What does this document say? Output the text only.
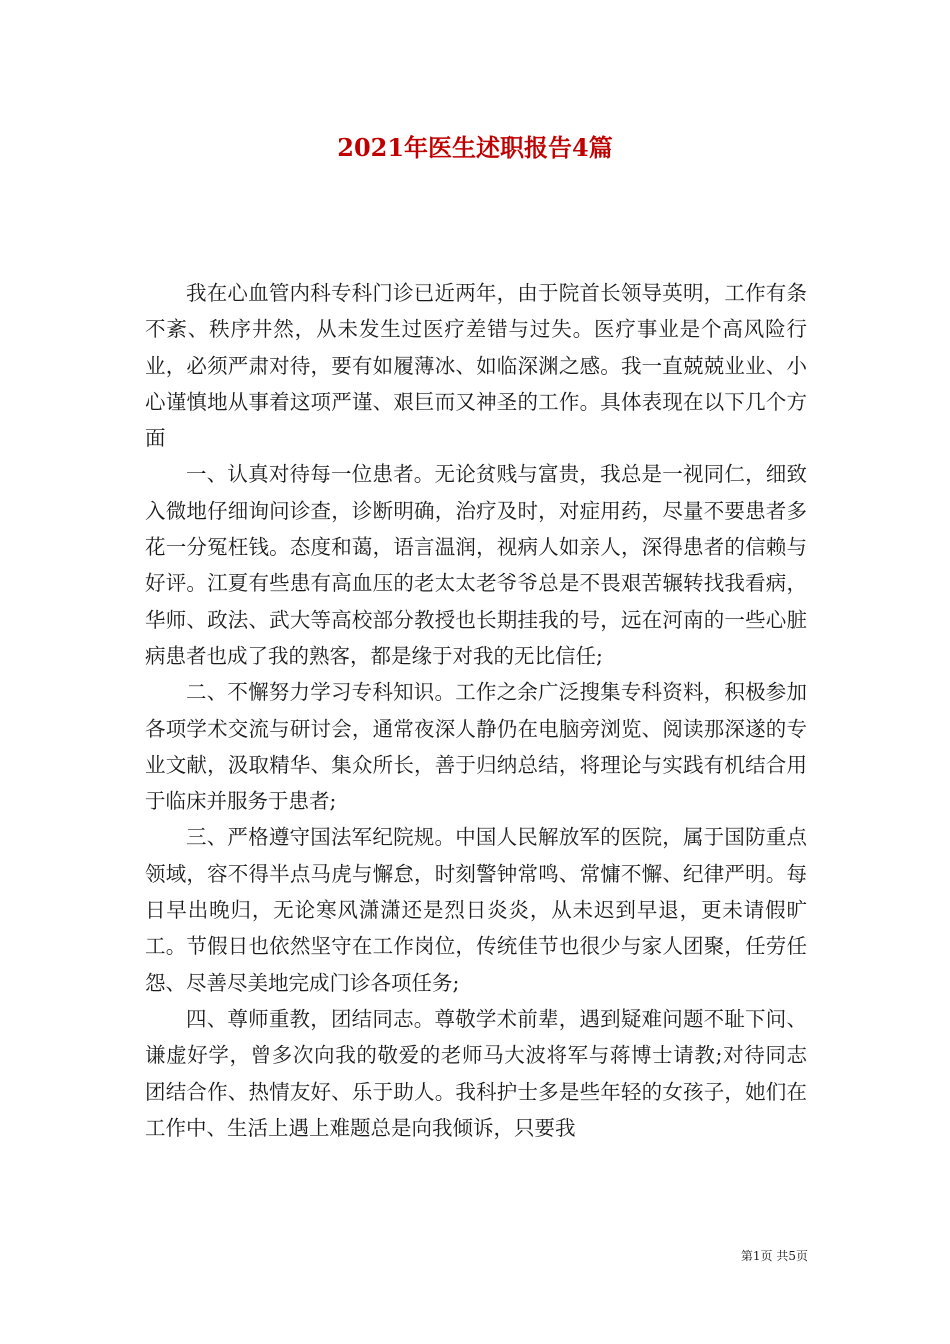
2021年医生述职报告4篇

我在心血管内科专科门诊已近两年，由于院首长领导英明，工作有条不紊、秩序井然，从未发生过医疗差错与过失。医疗事业是个高风险行业，必须严肃对待，要有如履薄冰、如临深渊之感。我一直兢兢业业、小心谨慎地从事着这项严谨、艰巨而又神圣的工作。具体表现在以下几个方面

一、认真对待每一位患者。无论贫贱与富贵，我总是一视同仁，细致入微地仔细询问诊查，诊断明确，治疗及时，对症用药，尽量不要患者多花一分冤枉钱。态度和蔼，语言温润，视病人如亲人，深得患者的信赖与好评。江夏有些患有高血压的老太太老爷爷总是不畏艰苦辗转找我看病，华师、政法、武大等高校部分教授也长期挂我的号，远在河南的一些心脏病患者也成了我的熟客，都是缘于对我的无比信任;

二、不懈努力学习专科知识。工作之余广泛搜集专科资料，积极参加各项学术交流与研讨会，通常夜深人静仍在电脑旁浏览、阅读那深遂的专业文献，汲取精华、集众所长，善于归纳总结，将理论与实践有机结合用于临床并服务于患者;

三、严格遵守国法军纪院规。中国人民解放军的医院，属于国防重点领域，容不得半点马虎与懈怠，时刻警钟常鸣、常慵不懈、纪律严明。每日早出晚归，无论寒风潇潇还是烈日炎炎，从未迟到早退，更未请假旷工。节假日也依然坚守在工作岗位，传统佳节也很少与家人团聚，任劳任怨、尽善尽美地完成门诊各项任务;

四、尊师重教，团结同志。尊敬学术前辈，遇到疑难问题不耻下问、谦虚好学，曾多次向我的敬爱的老师马大波将军与蒋博士请教;对待同志团结合作、热情友好、乐于助人。我科护士多是些年轻的女孩子，她们在工作中、生活上遇上难题总是向我倾诉，只要我

第1页 共5页
